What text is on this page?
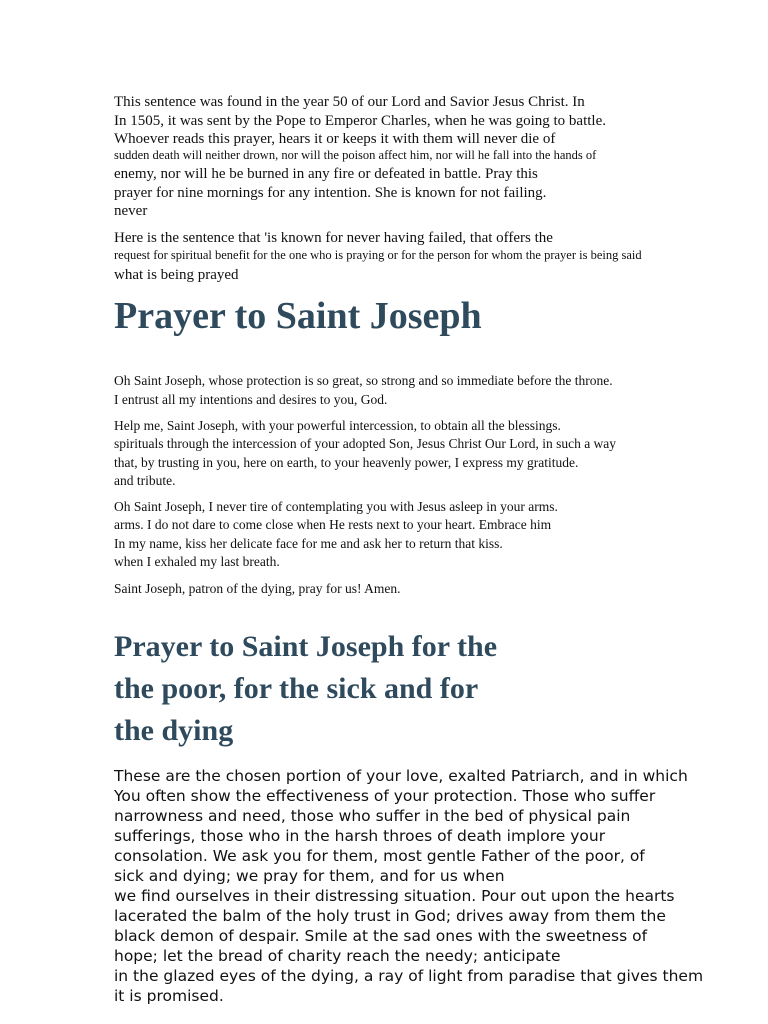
This sentence was found in the year 50 of our Lord and Savior Jesus Christ. In
In 1505, it was sent by the Pope to Emperor Charles, when he was going to battle.
Whoever reads this prayer, hears it or keeps it with them will never die of
sudden death will neither drown, nor will the poison affect him, nor will he fall into the hands of
enemy, nor will he be burned in any fire or defeated in battle. Pray this
prayer for nine mornings for any intention. She is known for not failing.
never
Here is the sentence that 'is known for never having failed, that offers the
request for spiritual benefit for the one who is praying or for the person for whom the prayer is being said
what is being prayed
Prayer to Saint Joseph
Oh Saint Joseph, whose protection is so great, so strong and so immediate before the throne.
I entrust all my intentions and desires to you, God.
Help me, Saint Joseph, with your powerful intercession, to obtain all the blessings.
spirituals through the intercession of your adopted Son, Jesus Christ Our Lord, in such a way
that, by trusting in you, here on earth, to your heavenly power, I express my gratitude.
and tribute.
Oh Saint Joseph, I never tire of contemplating you with Jesus asleep in your arms.
arms. I do not dare to come close when He rests next to your heart. Embrace him
In my name, kiss her delicate face for me and ask her to return that kiss.
when I exhaled my last breath.
Saint Joseph, patron of the dying, pray for us! Amen.
Prayer to Saint Joseph for the
the poor, for the sick and for
the dying
These are the chosen portion of your love, exalted Patriarch, and in which
You often show the effectiveness of your protection. Those who suffer
narrowness and need, those who suffer in the bed of physical pain
sufferings, those who in the harsh throes of death implore your
consolation. We ask you for them, most gentle Father of the poor, of
sick and dying; we pray for them, and for us when
we find ourselves in their distressing situation. Pour out upon the hearts
lacerated the balm of the holy trust in God; drives away from them the
black demon of despair. Smile at the sad ones with the sweetness of
hope; let the bread of charity reach the needy; anticipate
in the glazed eyes of the dying, a ray of light from paradise that gives them
it is promised.
